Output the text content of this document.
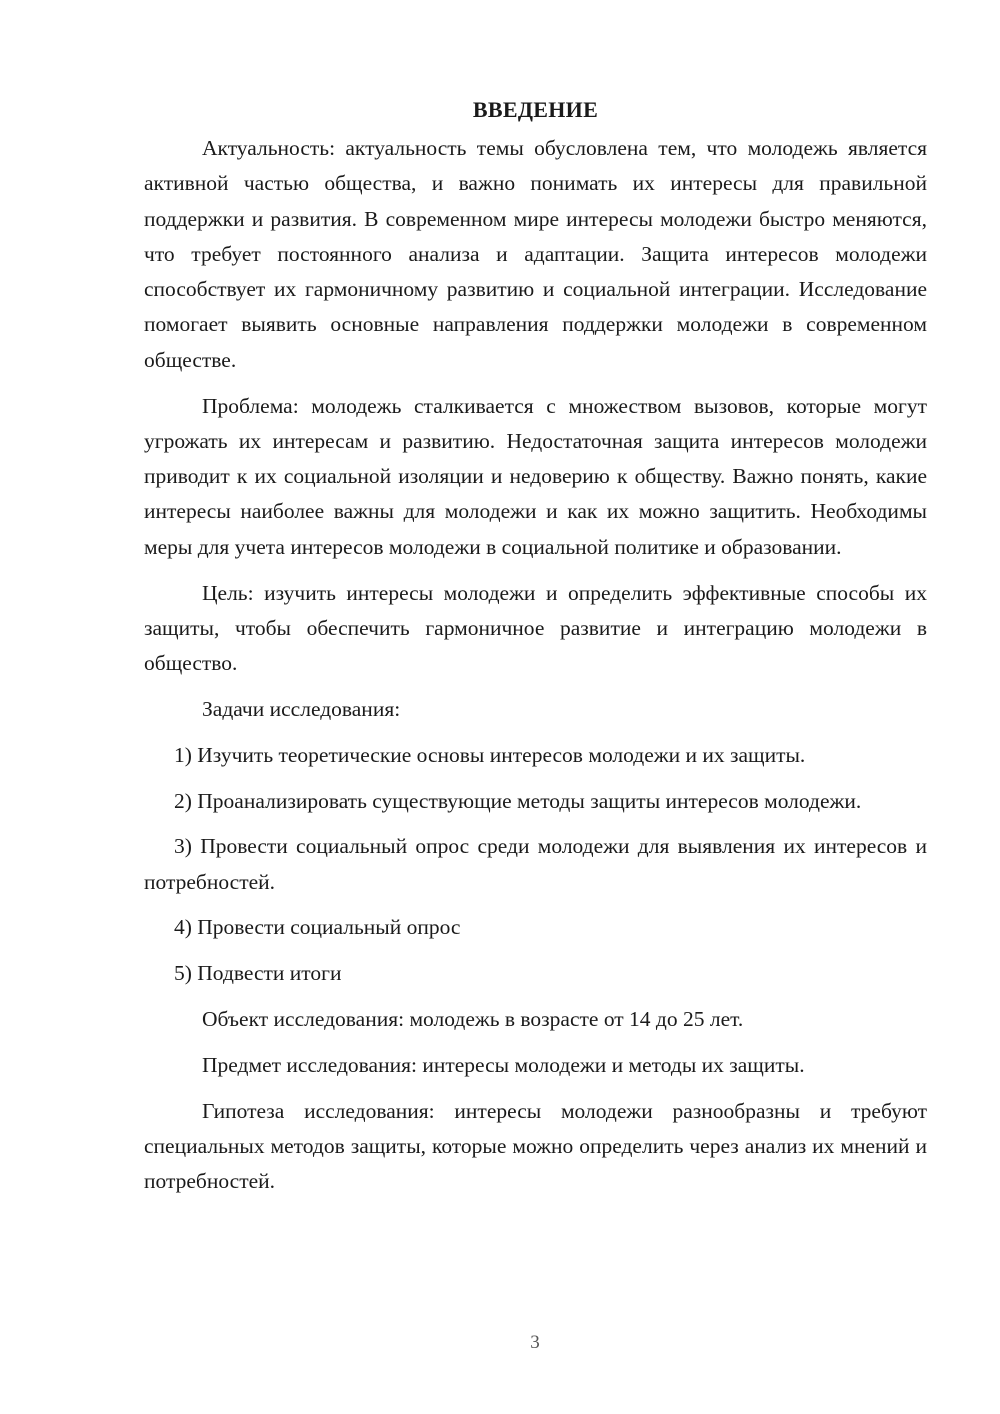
ВВЕДЕНИЕ

Актуальность: актуальность темы обусловлена тем, что молодежь является активной частью общества, и важно понимать их интересы для правильной поддержки и развития. В современном мире интересы молодежи быстро меняются, что требует постоянного анализа и адаптации. Защита интересов молодежи способствует их гармоничному развитию и социальной интеграции. Исследование помогает выявить основные направления поддержки молодежи в современном обществе.

Проблема: молодежь сталкивается с множеством вызовов, которые могут угрожать их интересам и развитию. Недостаточная защита интересов молодежи приводит к их социальной изоляции и недоверию к обществу. Важно понять, какие интересы наиболее важны для молодежи и как их можно защитить. Необходимы меры для учета интересов молодежи в социальной политике и образовании.

Цель: изучить интересы молодежи и определить эффективные способы их защиты, чтобы обеспечить гармоничное развитие и интеграцию молодежи в общество.

Задачи исследования:

1) Изучить теоретические основы интересов молодежи и их защиты.

2) Проанализировать существующие методы защиты интересов молодежи.

3) Провести социальный опрос среди молодежи для выявления их интересов и потребностей.

4) Провести социальный опрос

5) Подвести итоги

Объект исследования: молодежь в возрасте от 14 до 25 лет.

Предмет исследования: интересы молодежи и методы их защиты.

Гипотеза исследования: интересы молодежи разнообразны и требуют специальных методов защиты, которые можно определить через анализ их мнений и потребностей.

3
